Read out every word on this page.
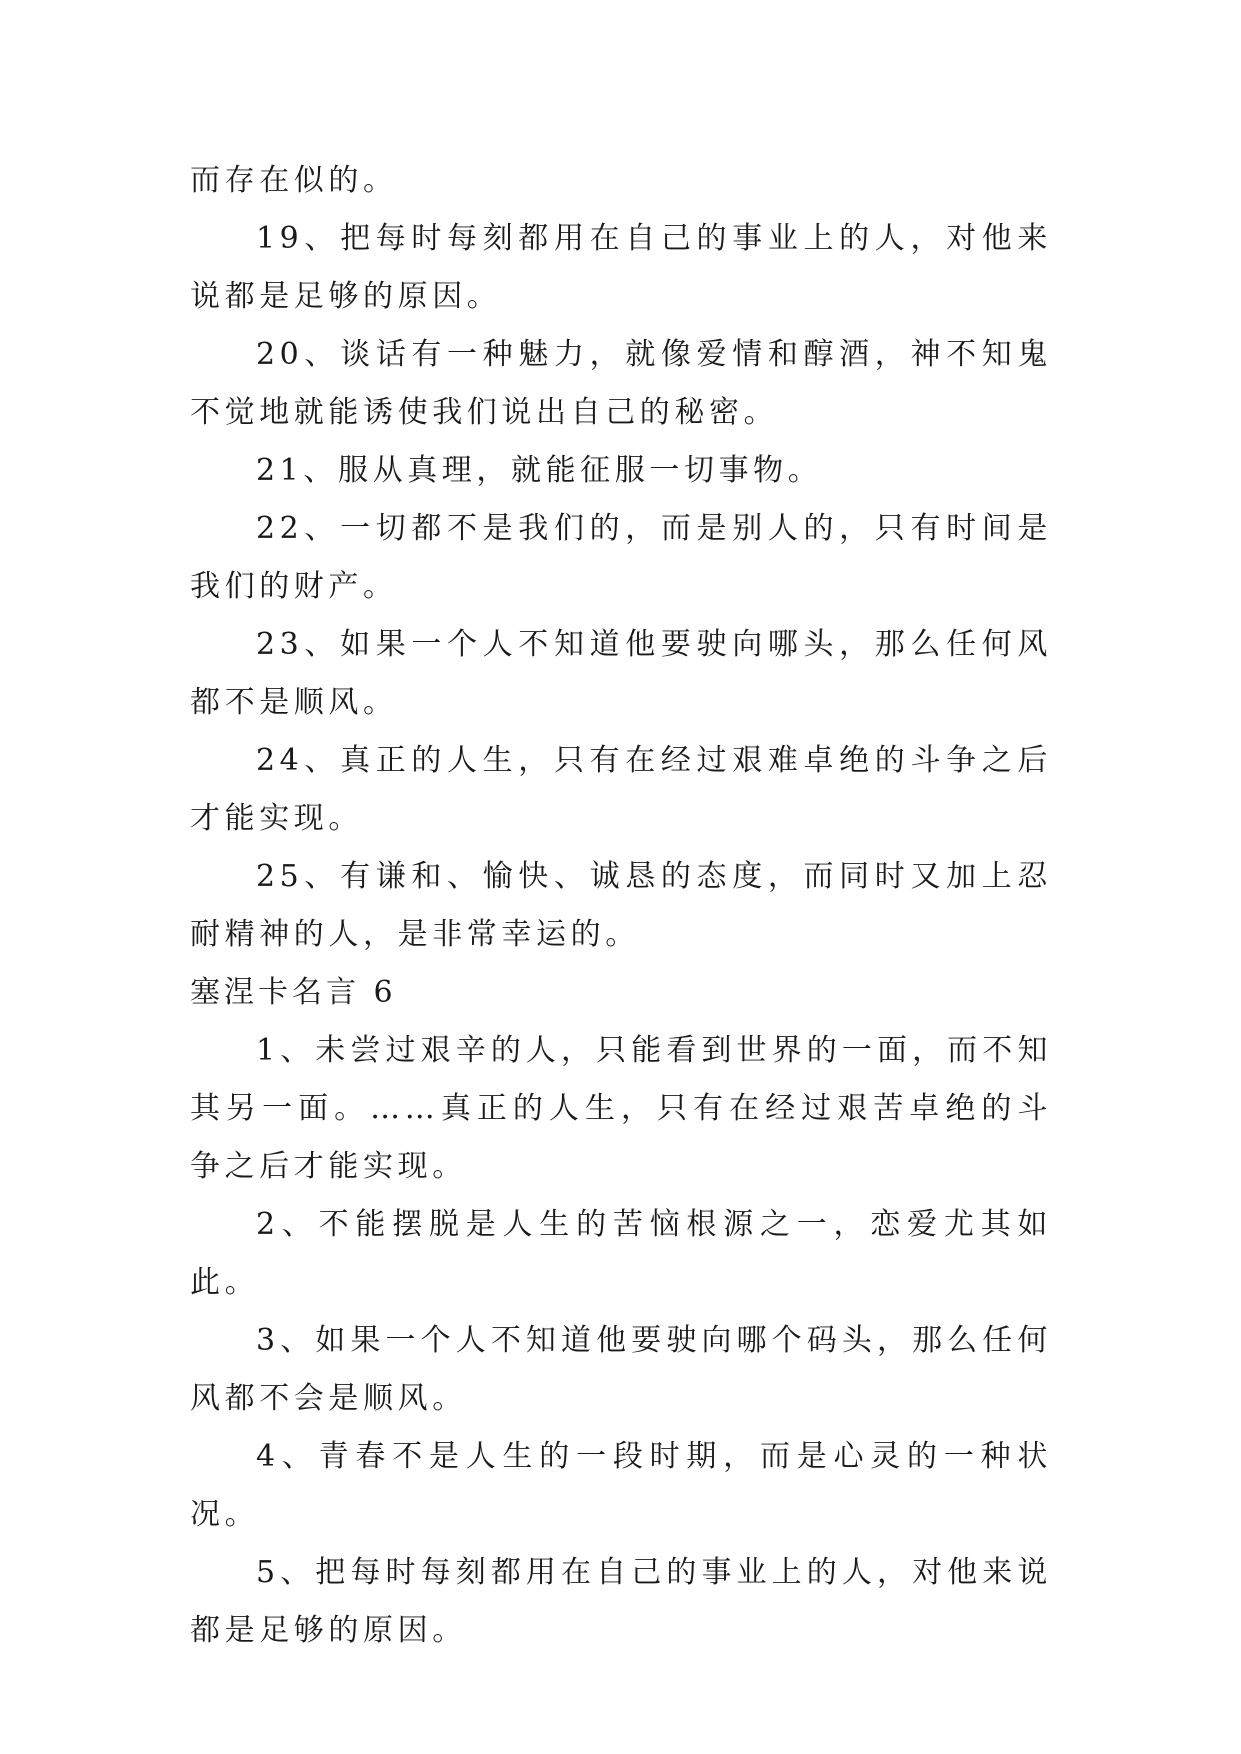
而存在似的。

19、把每时每刻都用在自己的事业上的人，对他来说都是足够的原因。

20、谈话有一种魅力，就像爱情和醇酒，神不知鬼不觉地就能诱使我们说出自己的秘密。

21、服从真理，就能征服一切事物。

22、一切都不是我们的，而是别人的，只有时间是我们的财产。

23、如果一个人不知道他要驶向哪头，那么任何风都不是顺风。

24、真正的人生，只有在经过艰难卓绝的斗争之后才能实现。

25、有谦和、愉快、诚恳的态度，而同时又加上忍耐精神的人，是非常幸运的。

塞涅卡名言 6

1、未尝过艰辛的人，只能看到世界的一面，而不知其另一面。……真正的人生，只有在经过艰苦卓绝的斗争之后才能实现。

2、不能摆脱是人生的苦恼根源之一，恋爱尤其如此。

3、如果一个人不知道他要驶向哪个码头，那么任何风都不会是顺风。

4、青春不是人生的一段时期，而是心灵的一种状况。

5、把每时每刻都用在自己的事业上的人，对他来说都是足够的原因。
